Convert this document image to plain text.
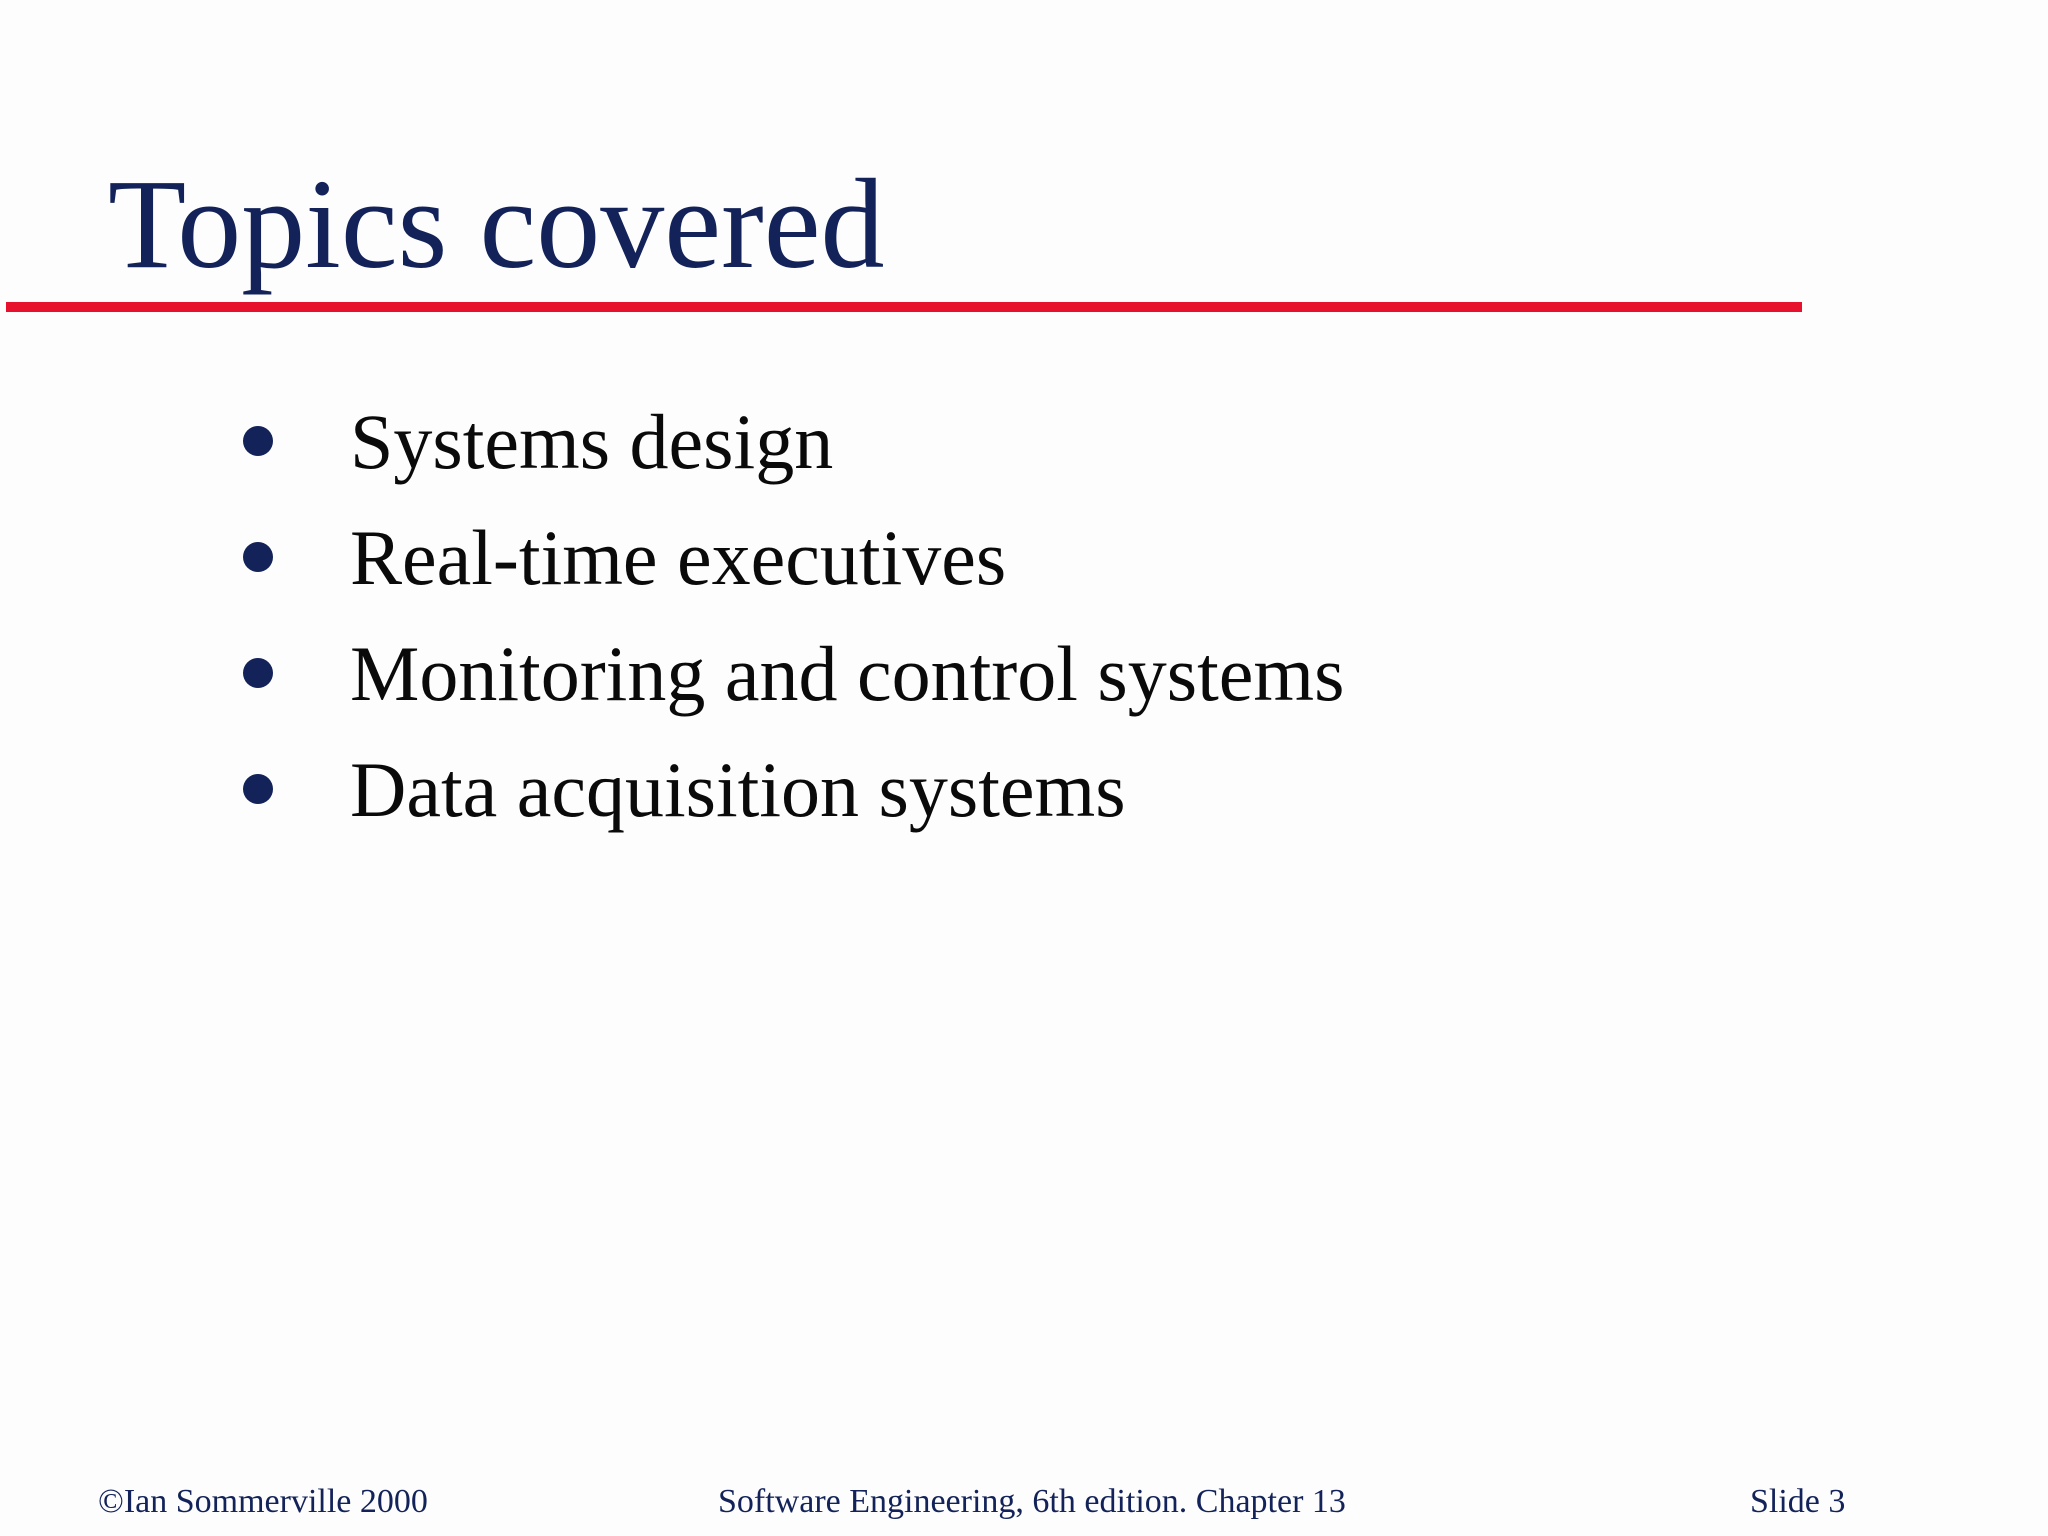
Topics covered
Systems design
Real-time executives
Monitoring and control systems
Data acquisition systems
©Ian Sommerville 2000	Software Engineering, 6th edition. Chapter 13	Slide 3
